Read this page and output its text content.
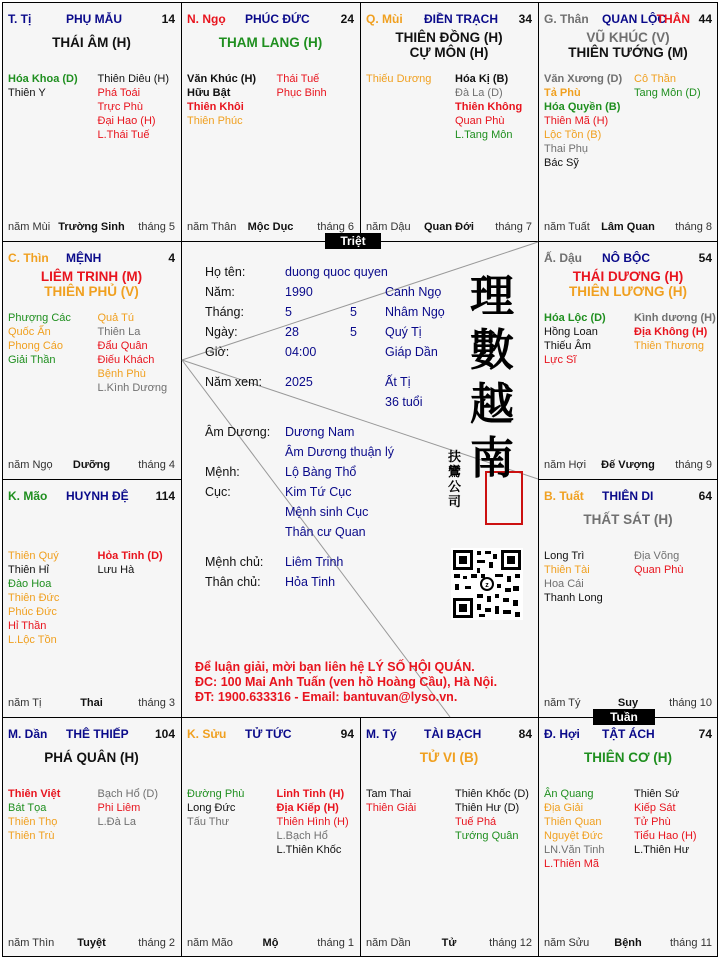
T. Tị	PHỤ MẪU	14
THÁI ÂM (H)
Hóa Khoa (D)
Thiên Y
Thiên Diêu (H)
Phá Toái
Trực Phù
Đại Hao (H)
L.Thái Tuế
năm Mùi Trường Sinh	tháng 5
N. Ngọ PHÚC ĐỨC	24
THAM LANG (H)
Văn Khúc (H)
Hữu Bật
Thiên Khôi
Thiên Phúc
Thái Tuế
Phục Binh
năm Thân	Mộc Dục	tháng 6
Q. Mùi ĐIỀN TRẠCH 34
THIÊN ĐỒNG (H)
CỰ MÔN (H)
Thiếu Dương	Hóa Kị (B)
Đà La (D)
Thiên Không
Quan Phù
L.Tang Môn
năm Dậu	Quan Đới	tháng 7
G. Thân QUAN LỘC
THÂN 44
VŨ KHÚC (V)
THIÊN TƯỚNG (M)
Văn Xương (D)
Tả Phù
Hóa Quyền (B)
Thiên Mã (H)
Lộc Tồn (B)
Thai Phụ
Bác Sỹ
Cô Thần
Tang Môn (D)
năm Tuất	Lâm Quan	tháng 8
C. Thìn MỆNH	4
LIÊM TRINH (M)
THIÊN PHỦ (V)
Phượng Các
Quốc Ấn
Phong Cáo
Giải Thần
Quả Tú
Thiên La
Đẩu Quân
Điếu Khách
Bệnh Phù
L.Kình Dương
năm Ngọ	Dưỡng	tháng 4
Ấ. Dậu NÔ BỘC	54
THÁI DƯƠNG (H)
THIÊN LƯƠNG (H)
Hóa Lộc (D)
Hồng Loan
Thiếu Âm
Lực Sĩ
Kình dương (H)
Địa Không (H)
Thiên Thương
năm Hợi	Đế Vượng	tháng 9
K. Mão HUYNH ĐỆ 114
Thiên Quý
Thiên Hỉ
Đào Hoa
Thiên Đức
Phúc Đức
Hỉ Thần
L.Lộc Tồn
Hỏa Tinh (D)
Lưu Hà
năm Tị	Thai	tháng 3
B. Tuất THIÊN DI	64
THẤT SÁT (H)
Long Trì
Thiên Tài
Hoa Cái
Thanh Long
Địa Võng
Quan Phù
năm Tý	Suy	tháng 10
M. Dần THÊ THIẾP 104
PHÁ QUÂN (H)
Thiên Việt
Bát Tọa
Thiên Thọ
Thiên Trù
Bạch Hổ (D)
Phi Liêm
L.Đà La
năm Thìn	Tuyệt	tháng 2
K. Sửu TỬ TỨC	94
Đường Phù
Long Đức
Tấu Thư
Linh Tinh (H)
Địa Kiếp (H)
Thiên Hình (H)
L.Bạch Hổ
L.Thiên Khốc
năm Mão	Mộ	tháng 1
M. Tý TÀI BẠCH	84
TỬ VI (B)
Tam Thai
Thiên Giải
Thiên Khốc (D)
Thiên Hư (D)
Tuế Phá
Tướng Quân
năm Dần	Tử	tháng 12
Đ. Hợi TẬT ÁCH	74
THIÊN CƠ (H)
Ân Quang
Địa Giải
Thiên Quan
Nguyệt Đức
LN.Văn Tinh
L.Thiên Mã
Thiên Sứ
Kiếp Sát
Tử Phù
Tiểu Hao (H)
L.Thiên Hư
năm Sửu	Bệnh	tháng 11
Họ tên:	duong quoc quyen
Năm:	1990	Canh Ngọ
Tháng:	5	5 Nhâm Ngọ
Ngày:	28	5 Quý Tị
Giờ:	04:00	Giáp Dần
Năm xem: 2025	Ất Tị
36 tuổi
Âm Dương: Dương Nam
Âm Dương thuận lý
Mệnh:	Lộ Bàng Thổ
Cục:	Kim Tứ Cục
Mệnh sinh Cục
Thân cư Quan
Mệnh chủ: Liêm Trinh
Thân chủ: Hỏa Tinh
Để luận giải, mời bạn liên hệ LÝ SỐ HỘI QUÁN.
ĐC: 100 Mai Anh Tuấn (ven hồ Hoàng Cầu), Hà Nội.
ĐT: 1900.633316 - Email: bantuvan@lyso.vn.
z
理
數
越
南
扶鸞公司
Triệt
Tuần
